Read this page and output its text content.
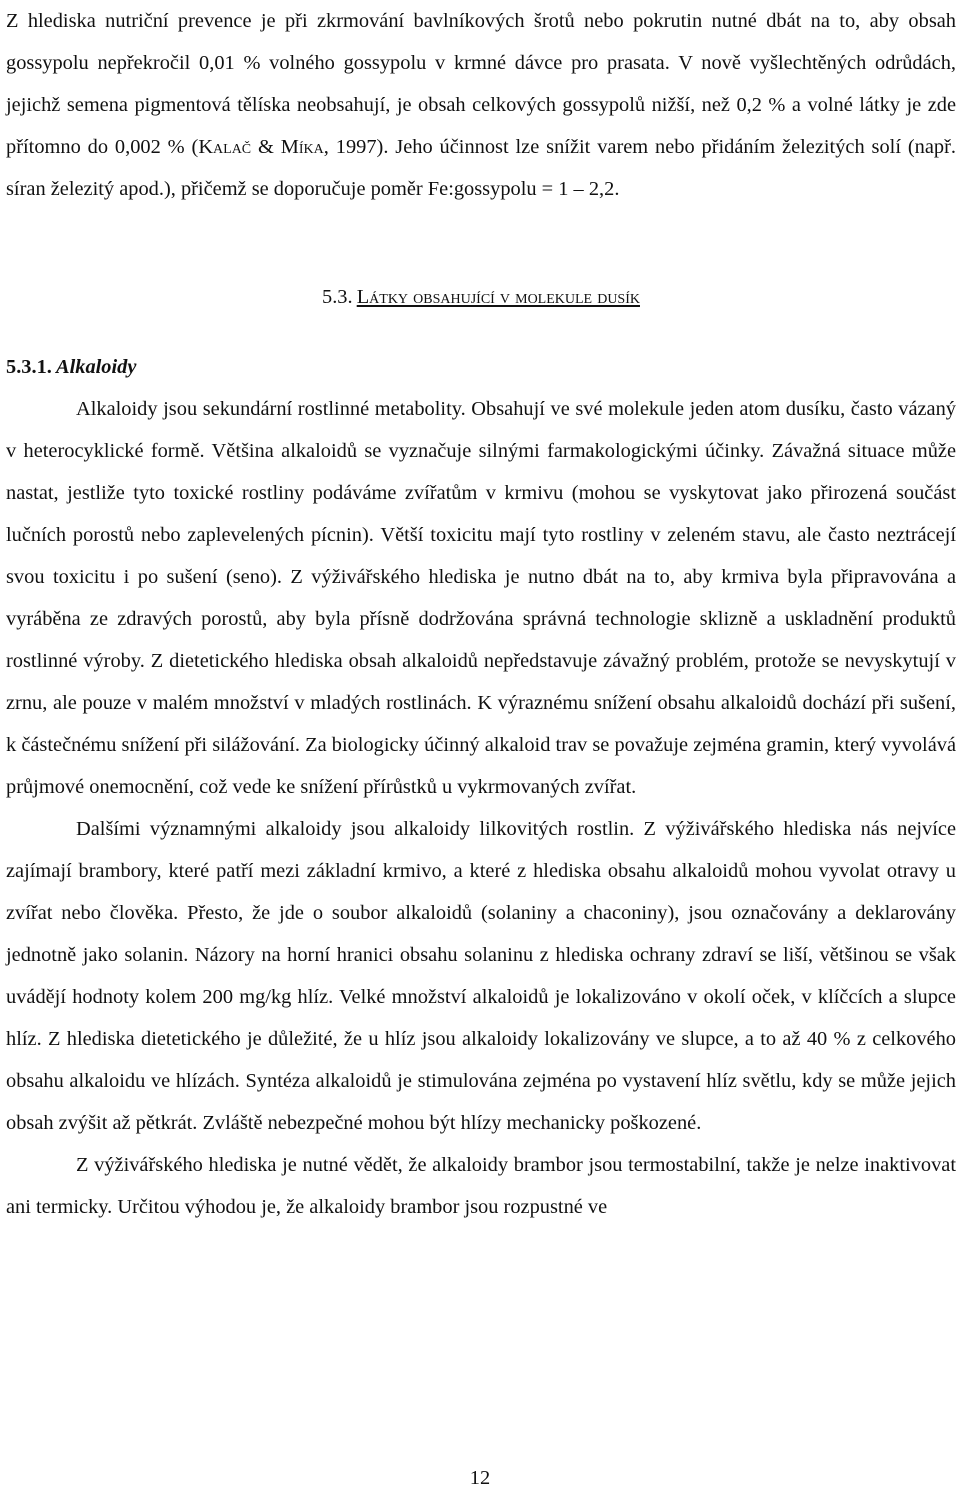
Z hlediska nutriční prevence je při zkrmování bavlníkových šrotů nebo pokrutin nutné dbát na to, aby obsah gossypolu nepřekročil 0,01 % volného gossypolu v krmné dávce pro prasata. V nově vyšlechtěných odrůdách, jejichž semena pigmentová tělíska neobsahují, je obsah celkových gossypolů nižší, než 0,2 % a volné látky je zde přítomno do 0,002 % (Kalač & Míka, 1997). Jeho účinnost lze snížit varem nebo přidáním železitých solí (např. síran železitý apod.), přičemž se doporučuje poměr Fe:gossypolu = 1 – 2,2.

5.3.  Látky obsahující v molekule dusík
5.3.1.  Alkaloidy

Alkaloidy jsou sekundární rostlinné metabolity. Obsahují ve své molekule jeden atom dusíku, často vázaný v heterocyklické formě. Většina alkaloidů se vyznačuje silnými farmakologickými účinky. Závažná situace může nastat, jestliže tyto toxické rostliny podáváme zvířatům v krmivu (mohou se vyskytovat jako přirozená součást lučních porostů nebo zaplevelených pícnin). Větší toxicitu mají tyto rostliny v zeleném stavu, ale často neztrácejí svou toxicitu i po sušení (seno). Z výživářského hlediska je nutno dbát na to, aby krmiva byla připravována a vyráběna ze zdravých porostů, aby byla přísně dodržována správná technologie sklizně a uskladnění produktů rostlinné výroby. Z dietetického hlediska obsah alkaloidů nepředstavuje závažný problém, protože se nevyskytují v zrnu, ale pouze v malém množství v mladých rostlinách. K výraznému snížení obsahu alkaloidů dochází při sušení, k částečnému snížení při silážování. Za biologicky účinný alkaloid trav se považuje zejména gramin, který vyvolává průjmové onemocnění, což vede ke snížení přírůstků u vykrmovaných zvířat.

Dalšími významnými alkaloidy jsou alkaloidy lilkovitých rostlin. Z výživářského hlediska nás nejvíce zajímají brambory, které patří mezi základní krmivo, a které z hlediska obsahu alkaloidů mohou vyvolat otravy u zvířat nebo člověka. Přesto, že jde o soubor alkaloidů (solaniny a chaconiny), jsou označovány a deklarovány jednotně jako solanin. Názory na horní hranici obsahu solaninu z hlediska ochrany zdraví se liší, většinou se však uvádějí hodnoty kolem 200 mg/kg hlíz. Velké množství alkaloidů je lokalizováno v okolí oček, v klíčcích a slupce hlíz. Z hlediska dietetického je důležité, že u hlíz jsou alkaloidy lokalizovány ve slupce, a to až 40 % z celkového obsahu alkaloidu ve hlízách. Syntéza alkaloidů je stimulována zejména po vystavení hlíz světlu, kdy se může jejich obsah zvýšit až pětkrát. Zvláště nebezpečné mohou být hlízy mechanicky poškozené.

Z výživářského hlediska je nutné vědět, že alkaloidy brambor jsou termostabilní, takže je nelze inaktivovat ani termicky. Určitou výhodou je, že alkaloidy brambor jsou rozpustné ve

12
